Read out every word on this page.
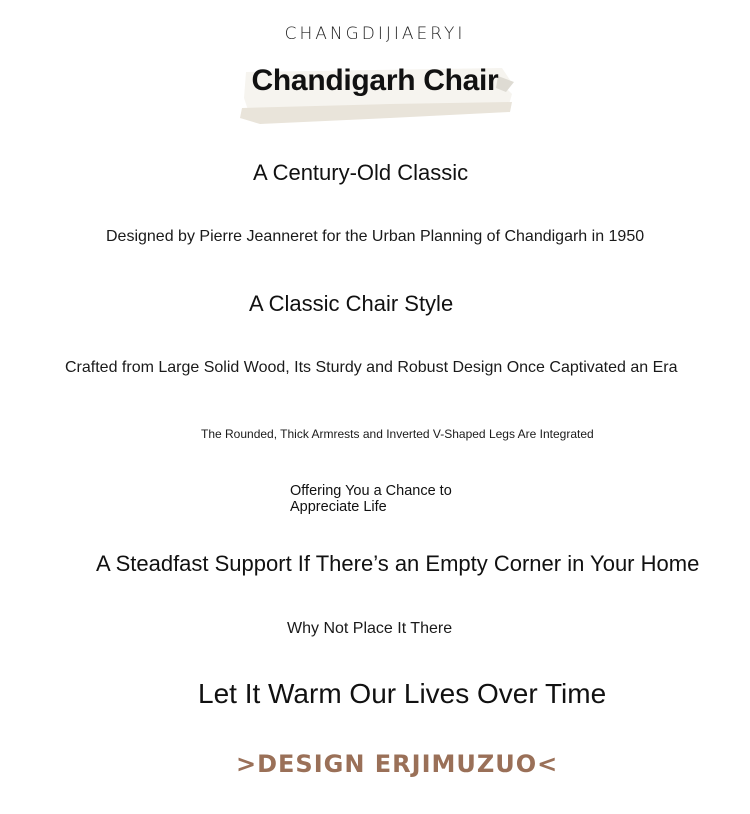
CHANGDIJIAERYI
Chandigarh Chair
A Century-Old Classic
Designed by Pierre Jeanneret for the Urban Planning of Chandigarh in 1950
A Classic Chair Style
Crafted from Large Solid Wood, Its Sturdy and Robust Design Once Captivated an Era
The Rounded, Thick Armrests and Inverted V-Shaped Legs Are Integrated
Offering You a Chance to Appreciate Life
A Steadfast Support If There’s an Empty Corner in Your Home
Why Not Place It There
Let It Warm Our Lives Over Time
>DESIGN ERJIMUZUO<
